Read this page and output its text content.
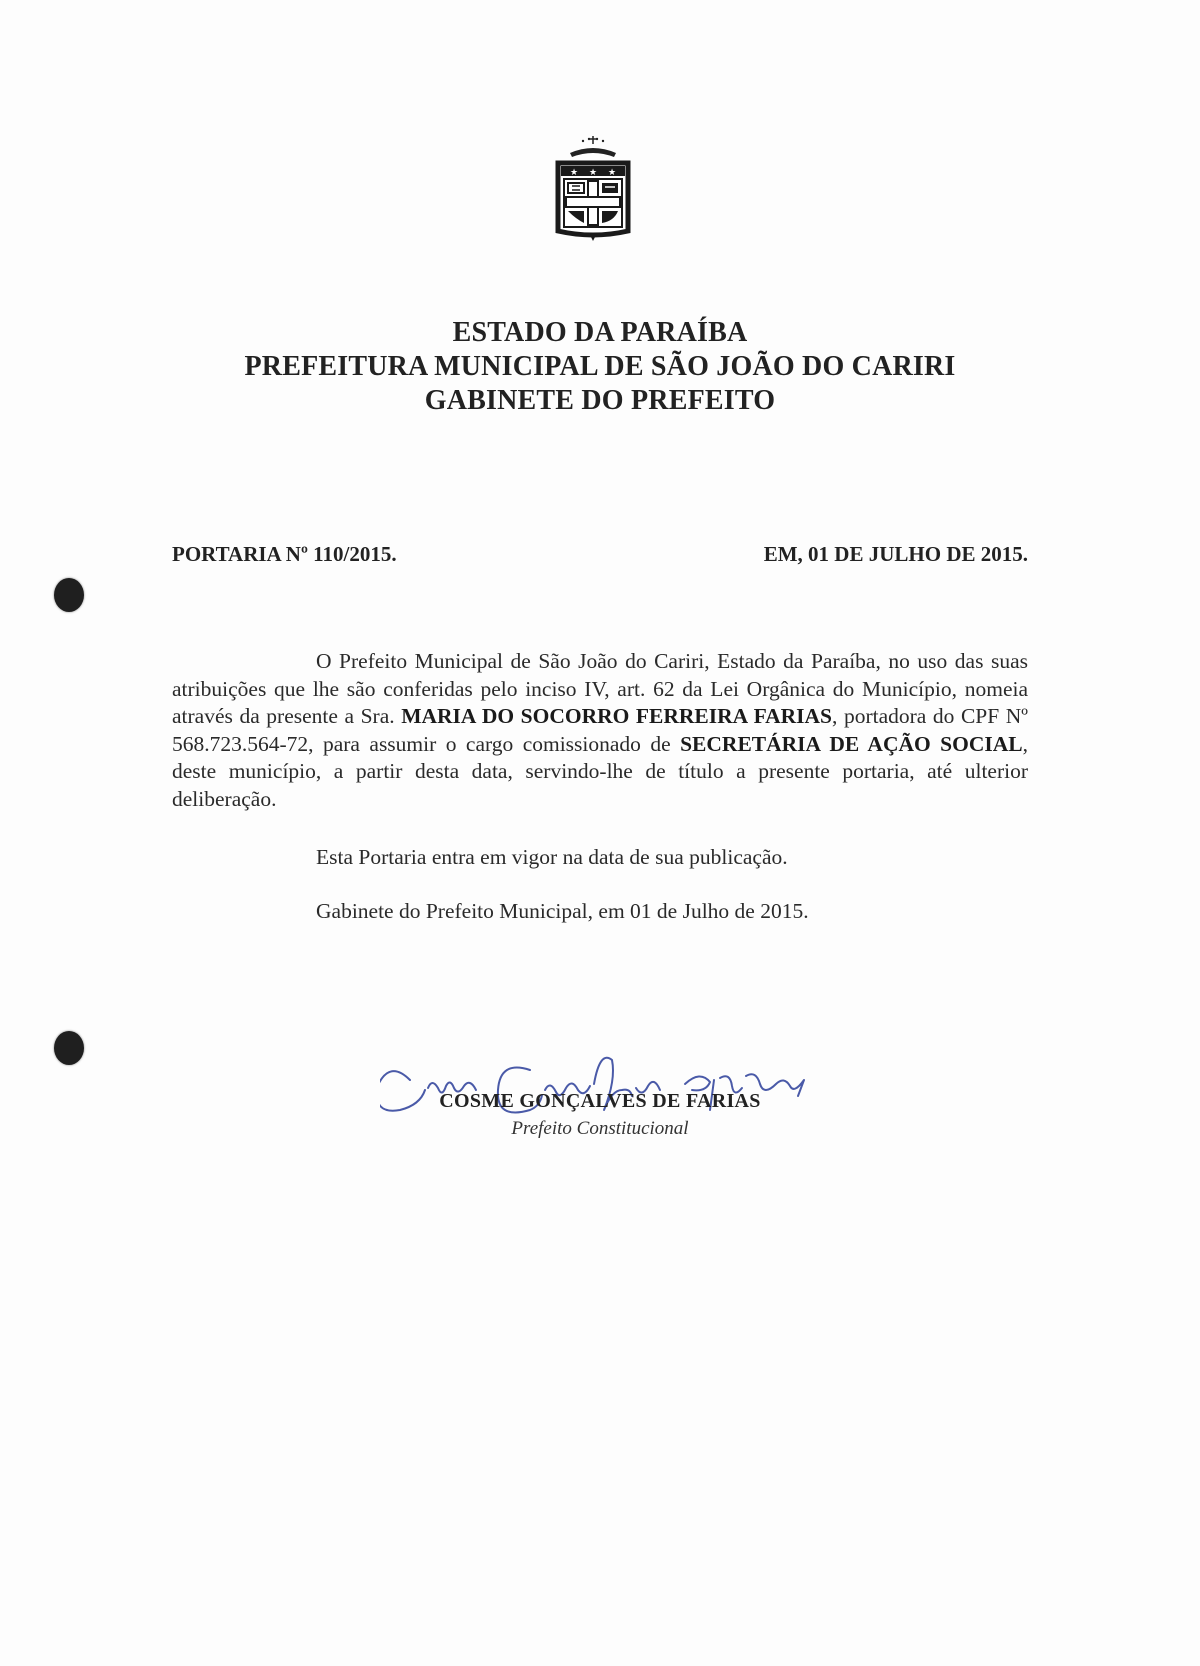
★ ★ ★
ESTADO DA PARAÍBA
PREFEITURA MUNICIPAL DE SÃO JOÃO DO CARIRI
GABINETE DO PREFEITO
PORTARIA Nº 110/2015.	EM, 01 DE JULHO DE 2015.
O Prefeito Municipal de São João do Cariri, Estado da Paraíba, no uso das suas atribuições que lhe são conferidas pelo inciso IV, art. 62 da Lei Orgânica do Município, nomeia através da presente a Sra. MARIA DO SOCORRO FERREIRA FARIAS, portadora do CPF Nº 568.723.564-72, para assumir o cargo comissionado de SECRETÁRIA DE AÇÃO SOCIAL, deste município, a partir desta data, servindo-lhe de título a presente portaria, até ulterior deliberação.
Esta Portaria entra em vigor na data de sua publicação.
Gabinete do Prefeito Municipal, em 01 de Julho de 2015.
COSME GONÇALVES DE FARIAS
Prefeito Constitucional
